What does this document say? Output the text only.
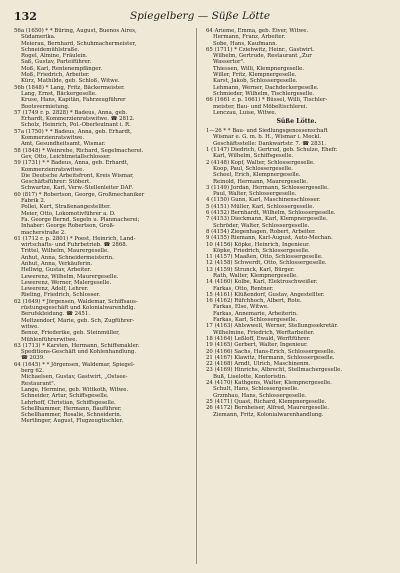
132	Spiegelberg — Süße Lötte
56a (1650) * * Büring, August, Buenos Aires,
Südamerika.
Meierau, Bernhard, Schuhmachermeister,
Schneidemühlstraße.
Rogel, Almine, Fräulein.
Saß, Gustav, Parteiführer.
Moß, Karl, Rentenempfänger.
Moß, Friedrich, Arbeiter.
Kürz, Mathilde, geb. Schloß, Witwe.
56b (1848) * Lang, Fritz, Bäckermeister.
Lang, Ernst, Bäckergeselle.
Kruse, Hans, Kapitän, Fahrzeugführer
Bootsvermietung.
57 (1749 r. p. 2828) * Badeus, Anna, geb.
Erhardt, Kommerzienratswitwe. ☎ 2812.
Scholz, Heinrich, Pol.-Oberleutnant i. R.
57a (1750) * * Badeus, Anna, geb. Erhardt,
Kommerzienratswitwe.
Amt, Gesundheitsamt, Wismar.
58 (1848) * Weinrebe, Richard, Segelmacherei.
Gev, Otto, Leichtmetallschlosser.
59 (1731) * * Badeus, Anna, geb. Erhardt,
Kommerzienratswitwe.
Die Deutsche Arbeitsfront, Kreis Wismar,
Geschäftsführer: Stöbert.
Schwartze, Karl, Verw.-Stellenleiter DAF.
60 (817) * Robertson, George, Großmechaniker
Fabrik 2.
Pollei, Kurt, Straßenangestellter.
Meier, Otto, Lokomotivführer a. D.
Fa. George Bernd, Segeln u. Planmacherei;
Inhaber: George Robertson, Groß-
macherstraße 2.
61 (1712 r. p. 2801) * Poest, Heinrich, Land-
wirtschafts- und Fuhrbetrieb. ☎ 2868.
Trittel, Wilhelm, Maurergeselle.
Anhut, Anna, Schneidermeisterin.
Anhut, Anna, Verkäuferin.
Hellwig, Gustav, Arbeiter.
Lewerenz, Wilhelm, Maurergeselle.
Lewerenz, Werner, Malergeselle.
Lewerenz, Adolf, Lehrer.
Rieling, Friedrich, Schlosser.
62 (1649) * Jörgensen, Waldemar, Schiffsaus-
rüstungsgeschäft und Kolonialwarenhdlg.
Berufskleidung. ☎ 2451.
Meltzendorf, Marie, geb. Sch, Zugführer-
witwe.
Benoz, Friederike, geb. Steinmüller,
Mühlenführerwitwe.
63 (1713) * Karsten, Hermann, Schiffsmakler.
Speditions-Geschäft und Kohlenhandlung.
☎ 2039.
64 (1645) * * Jörgensen, Waldemar, Spiegel-
berg 62.
Michaelsen, Gustav, Gastwirt, „Ostsee-
Restaurant".
Lange, Hermine, geb. Wittkoth, Witwe.
Schneider, Artur, Schiffsgeselle.
Lehrhoff, Christian, Schiffsgeselle.
Schellhammer, Hermann, Bauführer.
Schellhammer, Rosalie, Schneiderin.
Mertlinger, August, Flugzeugtischler.
64 Arieme, Emma, geb. Eiver, Witwe.
Hermann, Franz, Arbeiter.
Sobe, Hans, Kaufmann.
65 (1711) * Cziehwitz, Heinr., Gastwirt.
Wilhelm, Gertrude, Restaurant „Zur
Wassertor".
Thiessen, Willi, Klempnergeselle.
Willer, Fritz, Klempnergeselle.
Karst, Jakob, Schlossergeselle.
Lehmann, Werner, Dachdeckergeselle.
Schmieder, Wilhelm, Tischlergeselle.
66 (1661 r. p. 1661) * Büssel, Willi, Tischler-
meister, Bau- und Möbeltischlerei.
Lenczau, Luise, Witwe.
Süße Lötte.
1—26 * * Bau- und Siedlungsgenossenschaft
Wismar e. G. m. b. H., Wismar i. Meckl.
Geschäftsstelle: Dankwartstr. 7. ☎ 2831.
1 (1147) Diedrich, Gertrud, geb. Schulze, Ehefr.
Karl, Wilhelm, Schiffsgeselle.
2 (4148) Kopf, Walter, Schlossergeselle.
Koop, Paul, Schlossergeselle.
Scheel, Erich, Klempnergeselle.
Reinold, Hermann, Maurergeselle.
3 (1149) Jordan, Hermann, Schlossergeselle.
Paul, Walter, Schlossergeselle.
4 (1150) Gunn, Karl, Maschinenschlosser.
5 (4151) Müller, Karl, Schlossergeselle.
6 (4152) Bernhardt, Wilhelm, Schlossergeselle.
7 (4153) Dieckmann, Karl, Klempnergeselle.
Schröder, Walter, Schlossergeselle.
8 (4154) Ziegenhagen, Robert, Arbeiter.
9 (4155) Riemann, Karl-August, Auto-Mechan.
10 (4156) Köpke, Heinrich, Ingenieur.
Köpke, Friedrich, Schlossergeselle.
11 (4157) Maaßen, Otto, Schlossergeselle.
12 (4158) Schwerdt, Otto, Schlossergeselle.
13 (4159) Strunck, Karl, Bürger.
Rath, Walter, Klempnergeselle.
14 (4160) Kolbe, Karl, Elektroschweißer.
Farkas, Otto, Rentner.
15 (4161) Klüßendorf, Gustav, Angestellter.
16 (4162) Rüfchhoch, Albert, Rote.
Farkas, Else, Witwe.
Farkas, Annemarie, Arbeiterin.
Farkas, Karl, Schlossergeselle.
17 (4163) Ahlswwell, Werner, Stellungssekretär.
Wilhelmine, Friedrich, Werftarbeiter.
18 (4164) Leßloff, Ewald, Werftführer.
19 (4165) Gerbert, Walter, Ingenieur.
20 (4166) Sachs, Hans-Erich, Schlossergeselle.
21 (4167) Klawitz, Hermann, Schlossergeselle.
22 (4168) Arndt, Ulrich, Maschinenm.
23 (4169) Hinrichs, Albrecht, Stellmachergeselle.
Buß, Liselotte, Kontoristin.
24 (4170) Kathgens, Walter, Klempnergeselle.
Schult, Hans, Schlossergeselle.
Grzmhau, Hans, Schlossergeselle.
25 (4171) Quast, Richard, Klempnergeselle.
26 (4172) Bernheiser, Alfred, Maurergeselle.
Ziemann, Fritz, Kolonialwarenhandlung.
